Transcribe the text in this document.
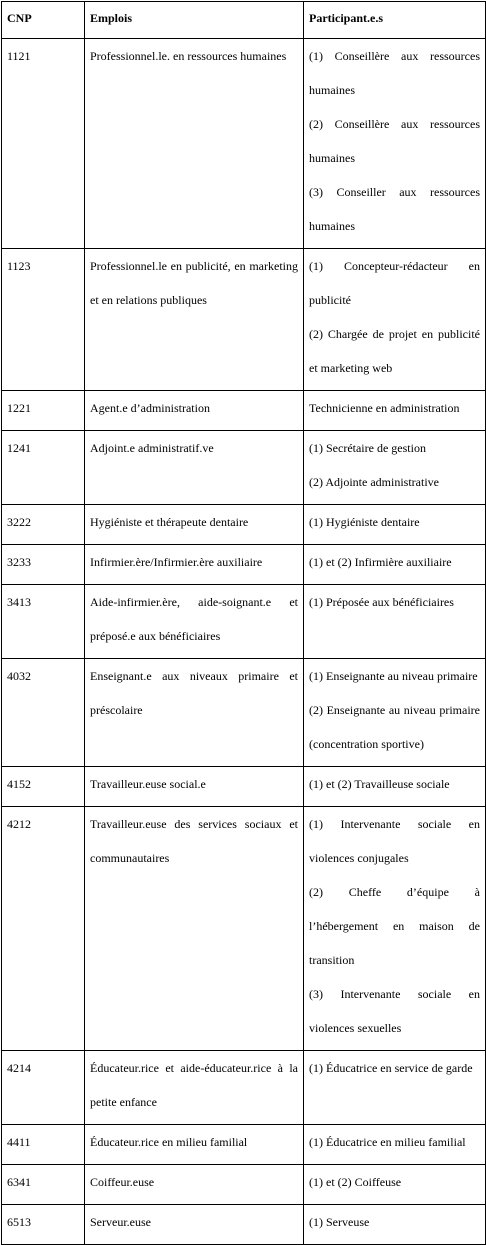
CNP	Emplois	Participant.e.s
1121	Professionnel.le. en ressources humaines	(1) Conseillère aux ressources humaines

(2) Conseillère aux ressources humaines

(3) Conseiller aux ressources humaines

1123	Professionnel.le en publicité, en marketing et en relations publiques	(1) Concepteur-rédacteur en publicité

(2) Chargée de projet en publicité et marketing web

1221	Agent.e d’administration	Technicienne en administration

1241	Adjoint.e administratif.ve	(1) Secrétaire de gestion

(2) Adjointe administrative

3222	Hygiéniste et thérapeute dentaire	(1) Hygiéniste dentaire

3233	Infirmier.ère/Infirmier.ère auxiliaire	(1) et (2) Infirmière auxiliaire

3413	Aide-infirmier.ère, aide-soignant.e et préposé.e aux bénéficiaires	(1) Préposée aux bénéficiaires

4032	Enseignant.e aux niveaux primaire et préscolaire	(1) Enseignante au niveau primaire

(2) Enseignante au niveau primaire (concentration sportive)

4152	Travailleur.euse social.e	(1) et (2) Travailleuse sociale

4212	Travailleur.euse des services sociaux et communautaires	(1) Intervenante sociale en violences conjugales

(2) Cheffe d’équipe à l’hébergement en maison de transition

(3) Intervenante sociale en violences sexuelles

4214	Éducateur.rice et aide-éducateur.rice à la petite enfance	(1) Éducatrice en service de garde

4411	Éducateur.rice en milieu familial	(1) Éducatrice en milieu familial

6341	Coiffeur.euse	(1) et (2) Coiffeuse

6513	Serveur.euse	(1) Serveuse
